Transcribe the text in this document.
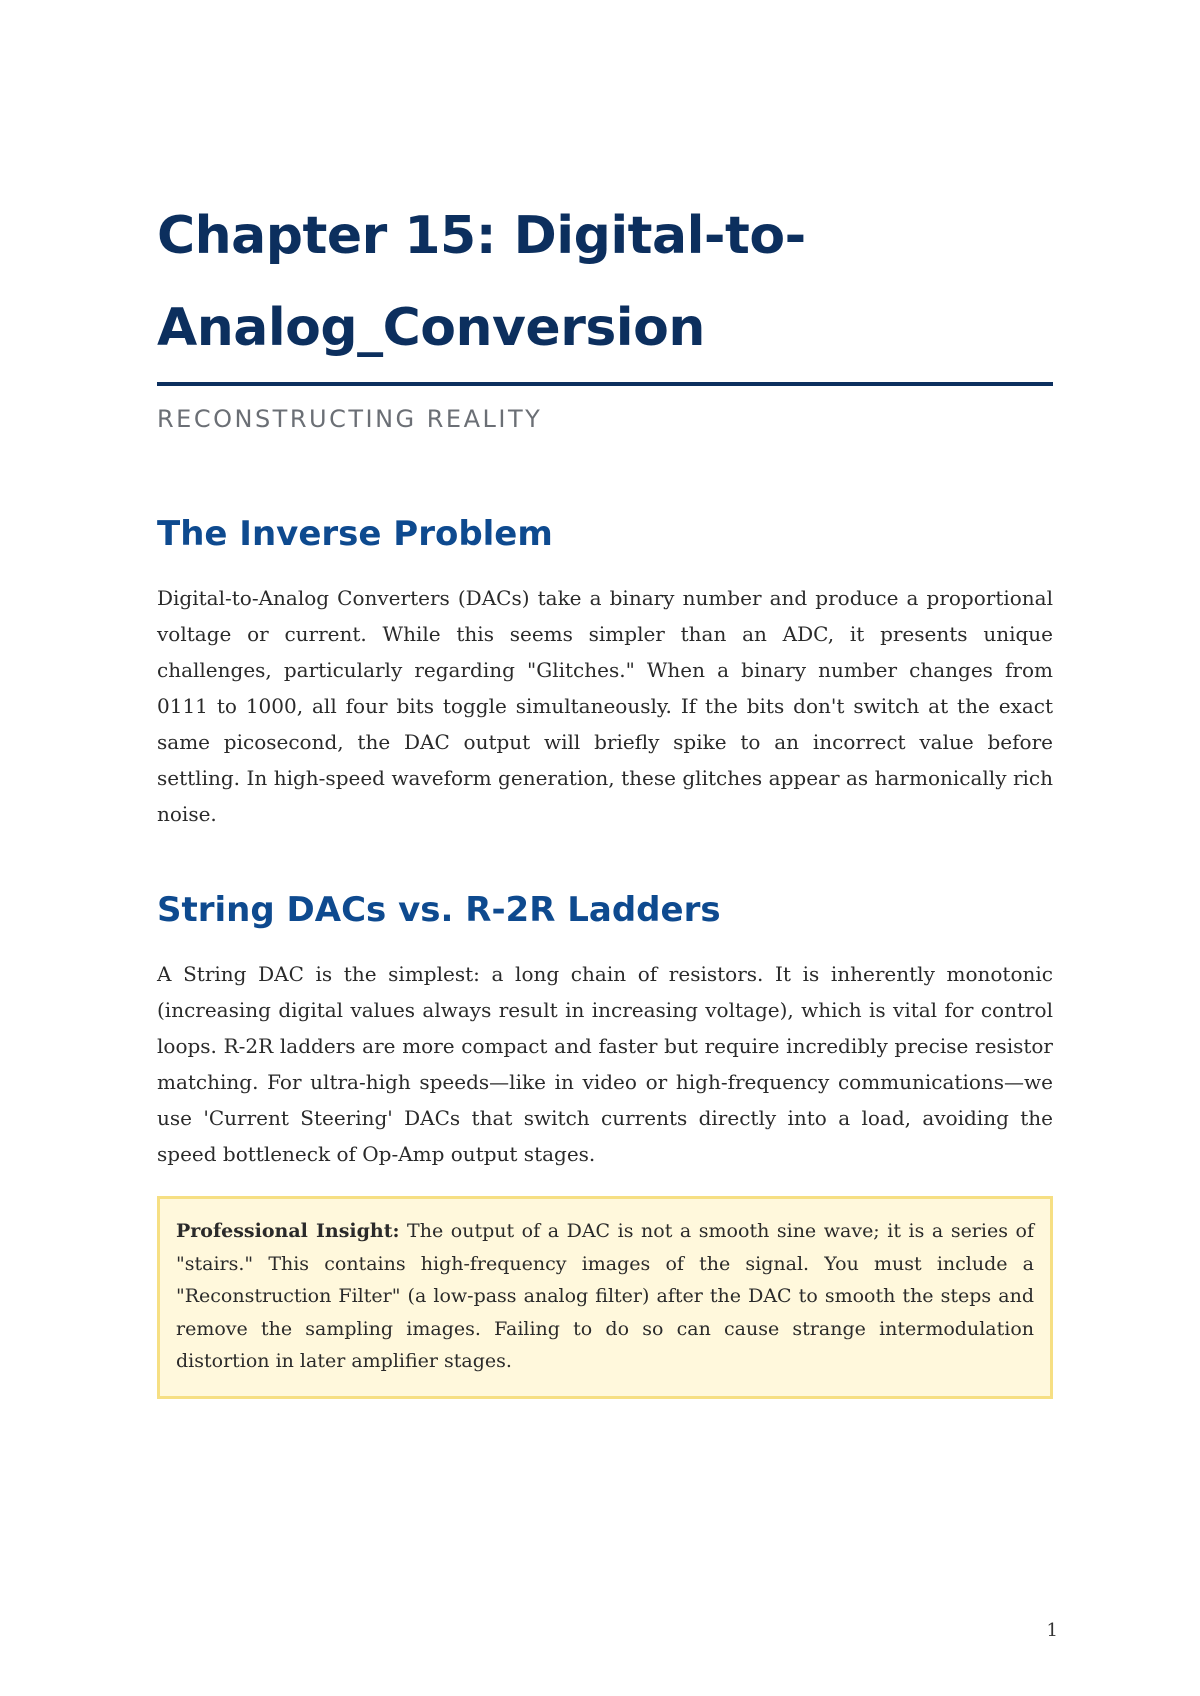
Chapter 15: Digital-to-
Analog_Conversion
RECONSTRUCTING REALITY
The Inverse Problem

Digital-to-Analog Converters (DACs) take a binary number and produce a proportional voltage or current. While this seems simpler than an ADC, it presents unique challenges, particularly regarding "Glitches." When a binary number changes from 0111 to 1000, all four bits toggle simultaneously. If the bits don't switch at the exact same picosecond, the DAC output will briefly spike to an incorrect value before settling. In high-speed waveform generation, these glitches appear as harmonically rich noise.

String DACs vs. R-2R Ladders

A String DAC is the simplest: a long chain of resistors. It is inherently monotonic (increasing digital values always result in increasing voltage), which is vital for control loops. R-2R ladders are more compact and faster but require incredibly precise resistor matching. For ultra-high speeds—like in video or high-frequency communications—we use 'Current Steering' DACs that switch currents directly into a load, avoiding the speed bottleneck of Op-Amp output stages.

Professional Insight: The output of a DAC is not a smooth sine wave; it is a series of "stairs." This contains high-frequency images of the signal. You must include a "Reconstruction Filter" (a low-pass analog filter) after the DAC to smooth the steps and remove the sampling images. Failing to do so can cause strange intermodulation distortion in later amplifier stages.
1
